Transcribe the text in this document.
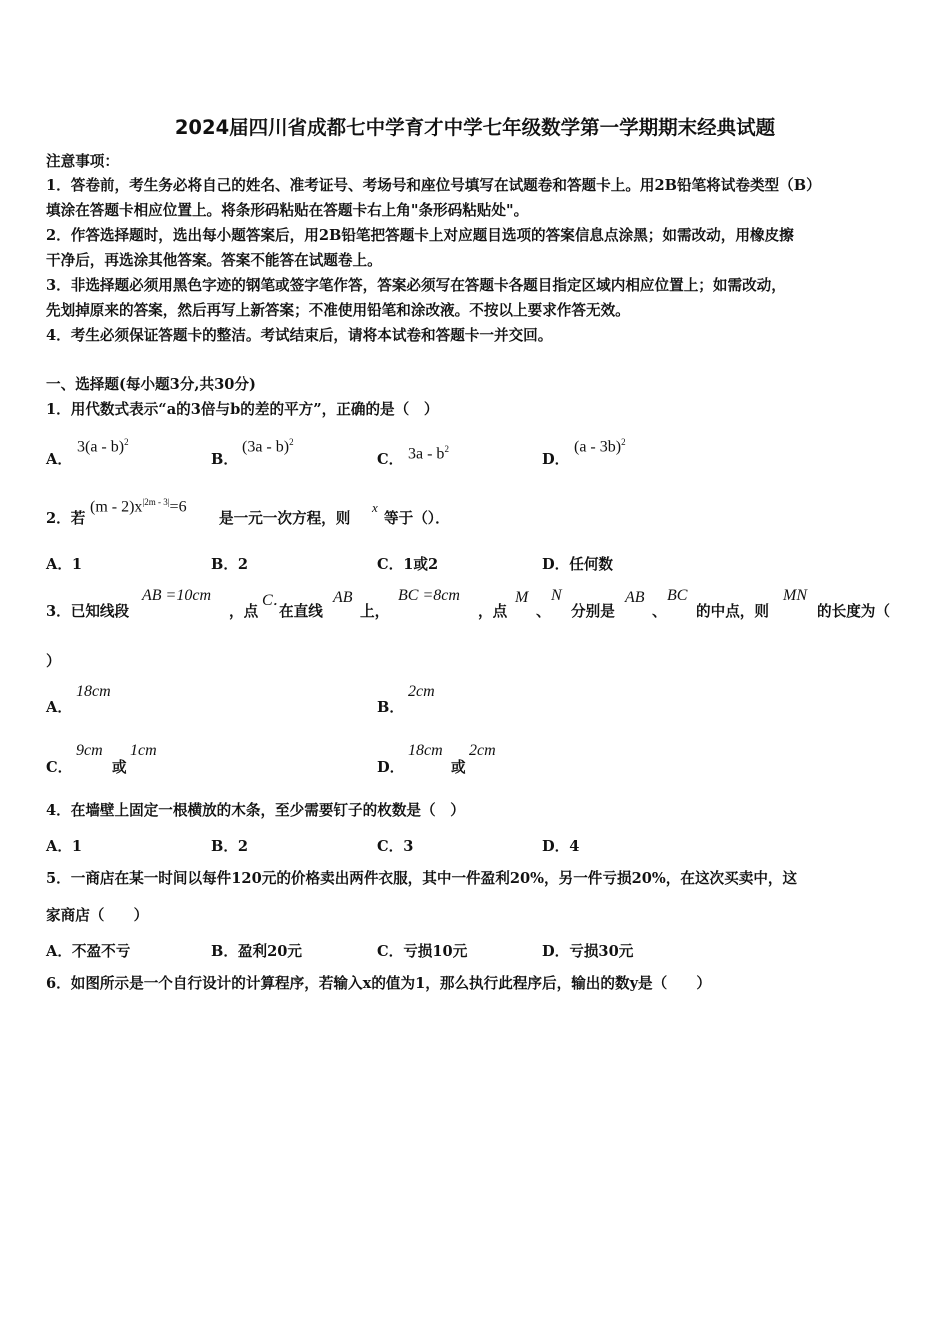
2024届四川省成都七中学育才中学七年级数学第一学期期末经典试题
注意事项：
1．答卷前，考生务必将自己的姓名、准考证号、考场号和座位号填写在试题卷和答题卡上。用2B铅笔将试卷类型（B）
填涂在答题卡相应位置上。将条形码粘贴在答题卡右上角"条形码粘贴处"。
2．作答选择题时，选出每小题答案后，用2B铅笔把答题卡上对应题目选项的答案信息点涂黑；如需改动，用橡皮擦
干净后，再选涂其他答案。答案不能答在试题卷上。
3．非选择题必须用黑色字迹的钢笔或签字笔作答，答案必须写在答题卡各题目指定区域内相应位置上；如需改动，
先划掉原来的答案，然后再写上新答案；不准使用铅笔和涂改液。不按以上要求作答无效。
4．考生必须保证答题卡的整洁。考试结束后，请将本试卷和答题卡一并交回。
一、选择题(每小题3分,共30分)
1．用代数式表示“a的3倍与b的差的平方”，正确的是（　）
A．
3(a - b)$^2$
B．
(3a - b)$^2$
C． $3a - b^2$
D．
(a - 3b)$^2$
2．若
$(m - 2)x^{|2m - 3|}=6$
是一元一次方程，则
x
等于（）．
A．1	B．2	C．1或2	D．任何数
3．已知线段
AB =10cm
，点
C．
在直线
AB
上，
BC =8cm
，点
M
、
N
分别是
AB
、
BC
的中点，则
MN
的长度为（
）
A．
18cm
B．
2cm
C．
9cm
或
1cm
D．
18cm
或
2cm
4．在墙壁上固定一根横放的木条，至少需要钉子的枚数是（　）
A．1	B．2	C．3	D．4
5．一商店在某一时间以每件120元的价格卖出两件衣服，其中一件盈利20%，另一件亏损20%，在这次买卖中，这
家商店（　　）
A．不盈不亏	B．盈利20元	C．亏损10元	D．亏损30元
6．如图所示是一个自行设计的计算程序，若输入x的值为1，那么执行此程序后，输出的数y是（　　）
